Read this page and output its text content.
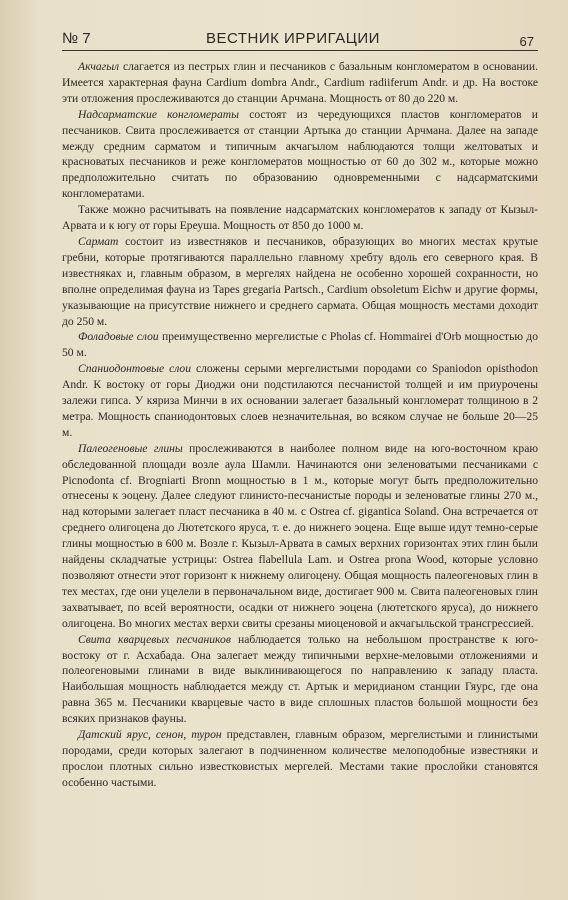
№ 7	ВЕСТНИК ИРРИГАЦИИ	67

Акчагыл слагается из пестрых глин и песчаников с базальным конгломератом в основании. Имеется характерная фауна Cardium dombra Andr., Cardium radiiferum Andr. и др. На востоке эти отложения прослеживаются до станции Арчмана. Мощность от 80 до 220 м.

Надсарматские конгломераты состоят из чередующихся пластов конгломератов и песчаников. Свита прослеживается от станции Артыка до станции Арчмана. Далее на западе между средним сарматом и типичным акчагылом наблюдаются толщи желтоватых и красноватых песчаников и реже конгломератов мощностью от 60 до 302 м., которые можно предположительно считать по образованию одновременными с надсарматскими конгломератами.

Также можно расчитывать на появление надсарматских конгломератов к западу от Кызыл-Арвата и к югу от горы Ереуша. Мощность от 850 до 1000 м.

Сармат состоит из известняков и песчаников, образующих во многих местах крутые гребни, которые протягиваются параллельно главному хребту вдоль его северного края. В известняках и, главным образом, в мергелях найдена не особенно хорошей сохранности, но вполне определимая фауна из Tapes gregaria Partsch., Cardium obsoletum Eichw и другие формы, указывающие на присутствие нижнего и среднего сармата. Общая мощность местами доходит до 250 м.

Фоладовые слои преимущественно мергелистые с Pholas cf. Hommairei d'Orb мощностью до 50 м.

Спаниодонтовые слои сложены серыми мергелистыми породами со Spaniodon opisthodon Andr. К востоку от горы Диоджи они подстилаются песчанистой толщей и им приурочены залежи гипса. У кяриза Минчи в их основании залегает базальный конгломерат толщиною в 2 метра. Мощность спаниодонтовых слоев незначительная, во всяком случае не больше 20—25 м.

Палеогеновые глины прослеживаются в наиболее полном виде на юго-восточном краю обследованной площади возле аула Шамли. Начинаются они зеленоватыми песчаниками с Picnodonta cf. Brogniarti Bronn мощностью в 1 м., которые могут быть предположительно отнесены к эоцену. Далее следуют глинисто-песчанистые породы и зеленоватые глины 270 м., над которыми залегает пласт песчаника в 40 м. с Ostrea cf. gigantica Soland. Она встречается от среднего олигоцена до Лютетского яруса, т. е. до нижнего эоцена. Еще выше идут темно-серые глины мощностью в 600 м. Возле г. Кызыл-Арвата в самых верхних горизонтах этих глин были найдены складчатые устрицы: Ostrea flabellula Lam. и Ostrea prona Wood, которые условно позволяют отнести этот горизонт к нижнему олигоцену. Общая мощность палеогеновых глин в тех местах, где они уцелели в первоначальном виде, достигает 900 м. Свита палеогеновых глин захватывает, по всей вероятности, осадки от нижнего эоцена (лютетского яруса), до нижнего олигоцена. Во многих местах верхи свиты срезаны миоценовой и акчагыльской трансгрессией.

Свита кварцевых песчаников наблюдается только на небольшом пространстве к юго-востоку от г. Асхабада. Она залегает между типичными верхне-меловыми отложениями и полеогеновыми глинами в виде выклинивающегося по направлению к западу пласта. Наибольшая мощность наблюдается между ст. Артык и меридианом станции Гяурс, где она равна 365 м. Песчаники кварцевые часто в виде сплошных пластов большой мощности без всяких признаков фауны.

Датский ярус, сенон, турон представлен, главным образом, мергелистыми и глинистыми породами, среди которых залегают в подчиненном количестве мелоподобные известняки и прослои плотных сильно известковистых мергелей. Местами такие прослойки становятся особенно частыми.
